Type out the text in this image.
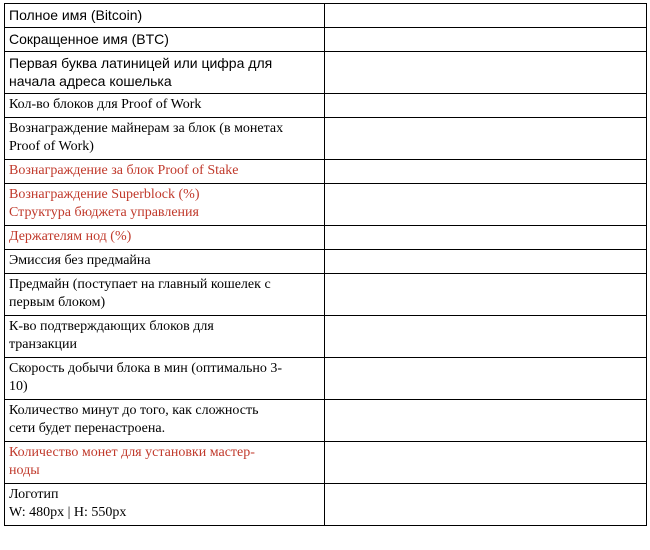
Полное имя (Bitcoin)	

Сокращенное имя (BTC)	

Первая буква латиницей или цифра для
начала адреса кошелька	

Кол-во блоков для Proof of Work	

Вознаграждение майнерам за блок (в монетах
Proof of Work)	

Вознаграждение за блок Proof of Stake	

Вознаграждение Superblock (%)
Структура бюджета управления	

Держателям нод (%)	

Эмиссия без предмайна	

Предмайн (поступает на главный кошелек с
первым блоком)	

К-во подтверждающих блоков для
транзакции	

Скорость добычи блока в мин (оптимально 3-
10)	

Количество минут до того, как сложность
сети будет перенастроена.	

Количество монет для установки мастер-
ноды	

Логотип
W: 480px | H: 550px	
